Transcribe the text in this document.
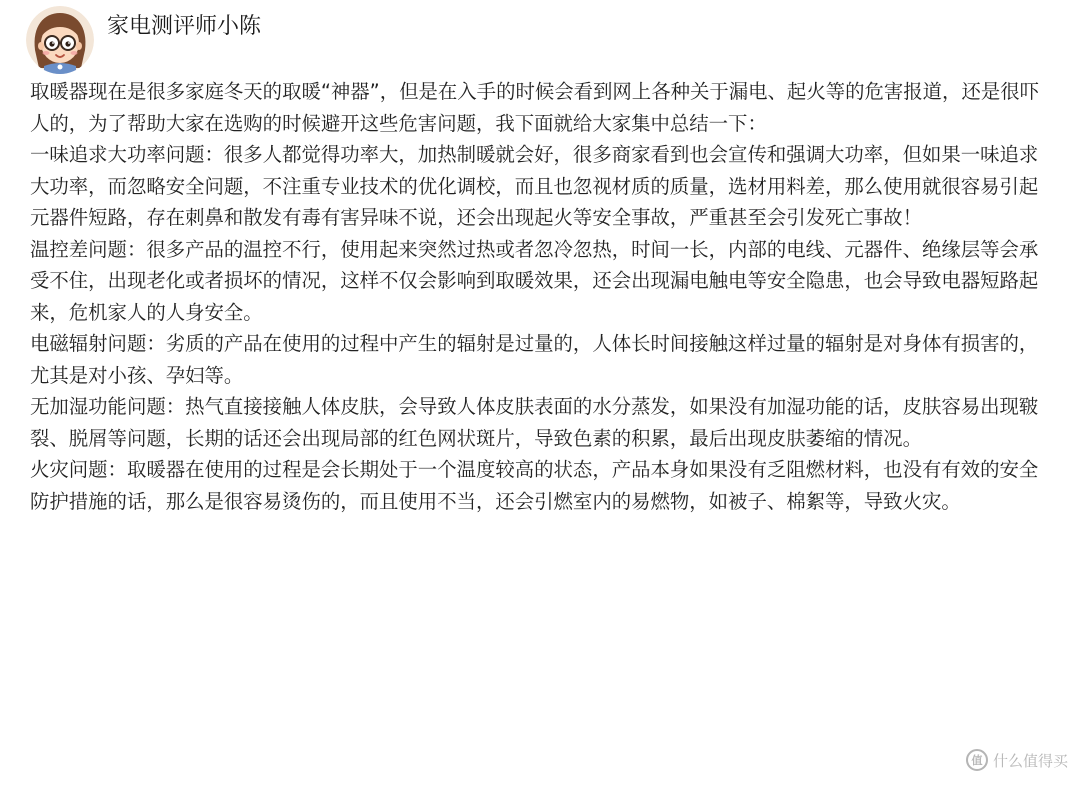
家电测评师小陈

取暖器现在是很多家庭冬天的取暖“神器”，但是在入手的时候会看到网上各种关于漏电、起火等的危害报道，还是很吓人的，为了帮助大家在选购的时候避开这些危害问题，我下面就给大家集中总结一下：

一味追求大功率问题：很多人都觉得功率大，加热制暖就会好，很多商家看到也会宣传和强调大功率，但如果一味追求大功率，而忽略安全问题，不注重专业技术的优化调校，而且也忽视材质的质量，选材用料差，那么使用就很容易引起元器件短路，存在刺鼻和散发有毒有害异味不说，还会出现起火等安全事故，严重甚至会引发死亡事故！

温控差问题：很多产品的温控不行，使用起来突然过热或者忽冷忽热，时间一长，内部的电线、元器件、绝缘层等会承受不住，出现老化或者损坏的情况，这样不仅会影响到取暖效果，还会出现漏电触电等安全隐患，也会导致电器短路起来，危机家人的人身安全。

电磁辐射问题：劣质的产品在使用的过程中产生的辐射是过量的，人体长时间接触这样过量的辐射是对身体有损害的，尤其是对小孩、孕妇等。

无加湿功能问题：热气直接接触人体皮肤，会导致人体皮肤表面的水分蒸发，如果没有加湿功能的话，皮肤容易出现皲裂、脱屑等问题，长期的话还会出现局部的红色网状斑片，导致色素的积累，最后出现皮肤萎缩的情况。

火灾问题：取暖器在使用的过程是会长期处于一个温度较高的状态，产品本身如果没有乏阻燃材料，也没有有效的安全防护措施的话，那么是很容易烫伤的，而且使用不当，还会引燃室内的易燃物，如被子、棉絮等，导致火灾。

值 什么值得买
